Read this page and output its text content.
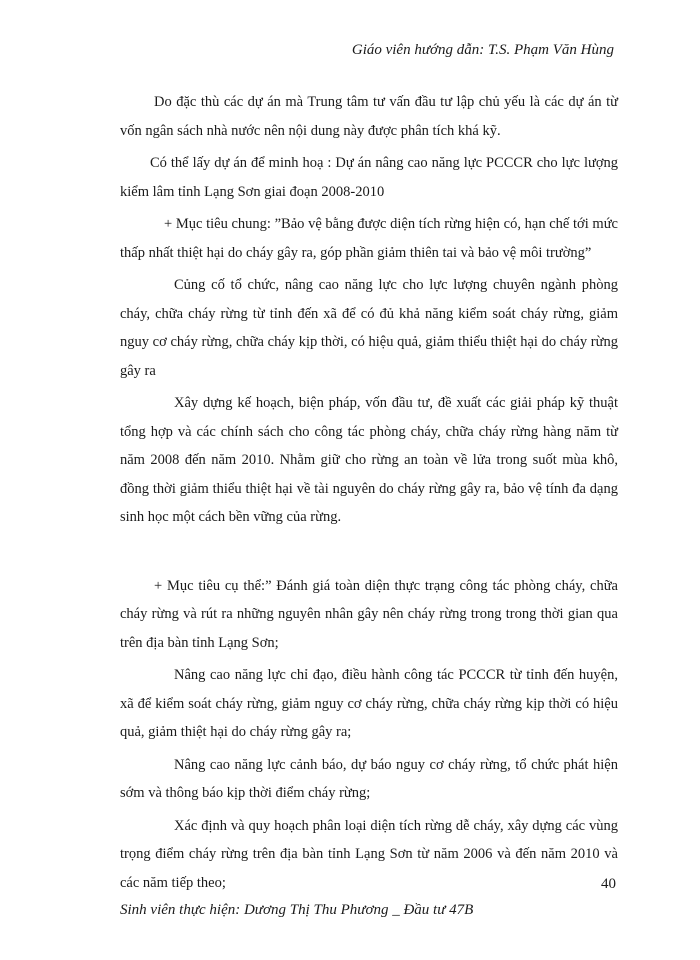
Giáo viên hướng dẫn: T.S. Phạm Văn Hùng

Do đặc thù các dự án mà Trung tâm tư vấn đầu tư lập chủ yếu là các dự án từ vốn ngân sách nhà nước nên nội dung này được phân tích khá kỹ.

Có thể lấy dự án để minh hoạ : Dự án nâng cao năng lực PCCCR cho lực lượng kiểm lâm tỉnh Lạng Sơn giai đoạn 2008-2010

+ Mục tiêu chung: ”Bảo vệ bằng được diện tích rừng hiện có, hạn chế tới mức thấp nhất thiệt hại do cháy gây ra, góp phần giảm thiên tai và bảo vệ môi trường”

Củng cố tổ chức, nâng cao năng lực cho lực lượng chuyên ngành phòng cháy, chữa cháy rừng từ tỉnh đến xã để có đủ khả năng kiểm soát cháy rừng, giảm nguy cơ cháy rừng, chữa cháy kịp thời, có hiệu quả, giảm thiểu thiệt hại do cháy rừng gây ra

Xây dựng kế hoạch, biện pháp, vốn đầu tư, đề xuất các giải pháp kỹ thuật tổng hợp và các chính sách cho công tác phòng cháy, chữa cháy rừng hàng năm từ năm 2008 đến năm 2010. Nhằm giữ cho rừng an toàn về lửa trong suốt mùa khô, đồng thời giảm thiểu thiệt hại về tài nguyên do cháy rừng gây ra, bảo vệ tính đa dạng sinh học một cách bền vững của rừng.

+ Mục tiêu cụ thể:” Đánh giá toàn diện thực trạng công tác phòng cháy, chữa cháy rừng và rút ra những nguyên nhân gây nên cháy rừng trong trong thời gian qua trên địa bàn tỉnh Lạng Sơn;

Nâng cao năng lực chỉ đạo, điều hành công tác PCCCR từ tỉnh đến huyện, xã để kiểm soát cháy rừng, giảm nguy cơ cháy rừng, chữa cháy rừng kịp thời có hiệu quả, giảm thiệt hại do cháy rừng gây ra;

Nâng cao năng lực cảnh báo, dự báo nguy cơ cháy rừng, tổ chức phát hiện sớm và thông báo kịp thời điểm cháy rừng;

Xác định và quy hoạch phân loại diện tích rừng dễ cháy, xây dựng các vùng trọng điểm cháy rừng trên địa bàn tỉnh Lạng Sơn từ năm 2006 và đến năm 2010 và các năm tiếp theo;	40
Sinh viên thực hiện: Dương Thị Thu Phương _ Đầu tư 47B
